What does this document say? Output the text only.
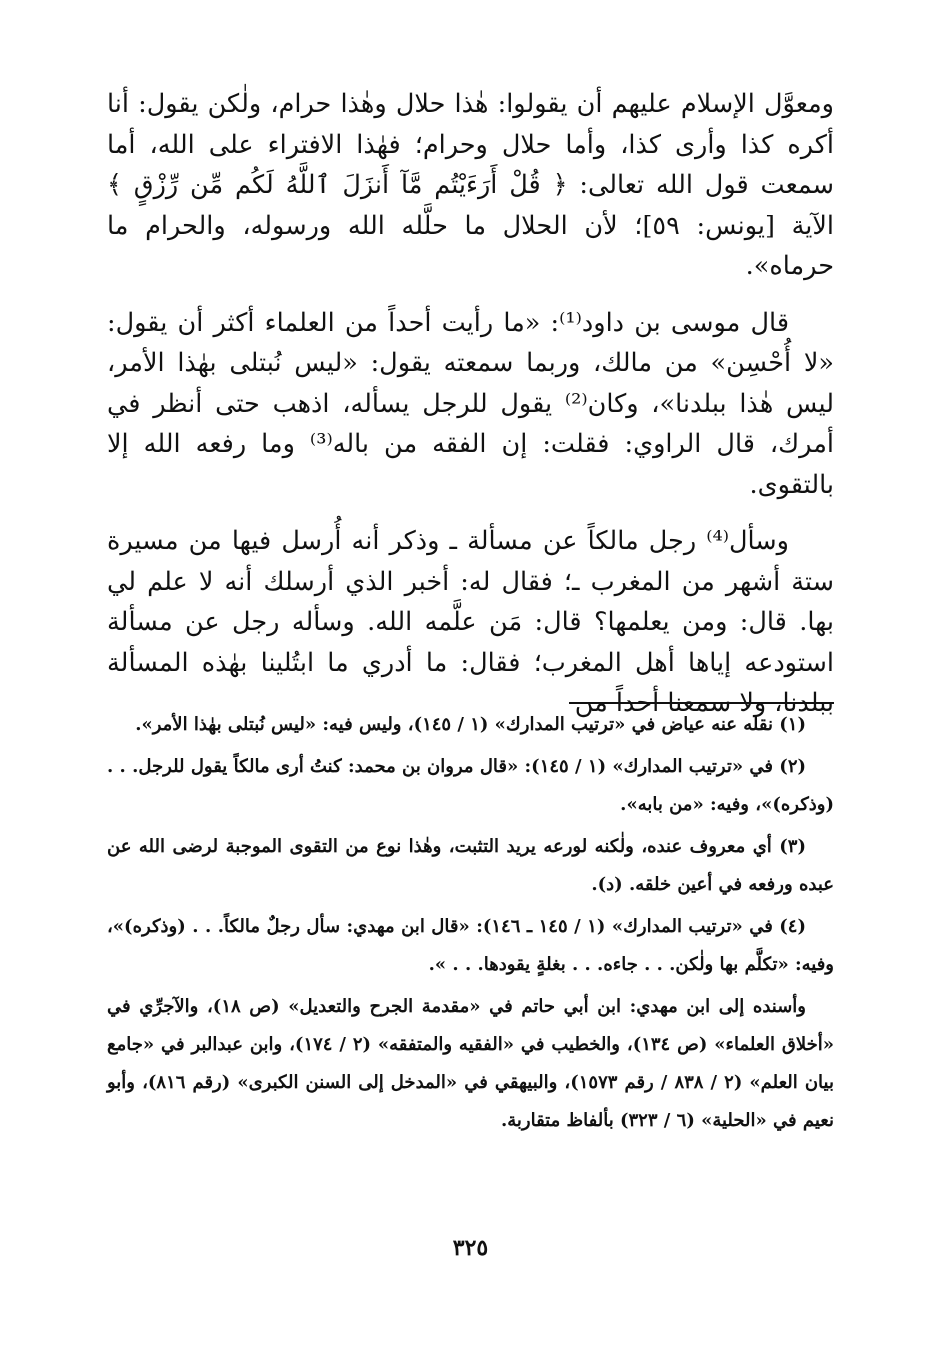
ومعوَّل الإسلام عليهم أن يقولوا: هٰذا حلال وهٰذا حرام، ولٰكن يقول: أنا أكره كذا وأرى كذا، وأما حلال وحرام؛ فهٰذا الافتراء على الله، أما سمعت قول الله تعالى: ﴿ قُلْ أَرَءَيْتُم مَّآ أَنزَلَ ٱللَّهُ لَكُم مِّن رِّزْقٍ ﴾ الآية [يونس: ٥٩]؛ لأن الحلال ما حلَّله الله ورسوله، والحرام ما حرماه».

قال موسى بن داود⁽¹⁾: «ما رأيت أحداً من العلماء أكثر أن يقول: «لا أُحْسِن» من مالك، وربما سمعته يقول: «ليس نُبتلى بهٰذا الأمر، ليس هٰذا ببلدنا»، وكان⁽²⁾ يقول للرجل يسأله، اذهب حتى أنظر في أمرك، قال الراوي: فقلت: إن الفقه من باله⁽³⁾ وما رفعه الله إلا بالتقوى.

وسأل⁽⁴⁾ رجل مالكاً عن مسألة ـ وذكر أنه أُرسل فيها من مسيرة ستة أشهر من المغرب ـ؛ فقال له: أخبر الذي أرسلك أنه لا علم لي بها. قال: ومن يعلمها؟ قال: مَن علَّمه الله. وسأله رجل عن مسألة استودعه إياها أهل المغرب؛ فقال: ما أدري ما ابتُلينا بهٰذه المسألة ببلدنا، ولا سمعنا أحداً من

(١) نقله عنه عياض في «ترتيب المدارك» (١ / ١٤٥)، وليس فيه: «ليس نُبتلى بهٰذا الأمر».

(٢) في «ترتيب المدارك» (١ / ١٤٥): «قال مروان بن محمد: كنتُ أرى مالكاً يقول للرجل. . . (وذكره)»، وفيه: «من بابه».

(٣) أي معروف عنده، ولٰكنه لورعه يريد التثبت، وهٰذا نوع من التقوى الموجبة لرضى الله عن عبده ورفعه في أعين خلقه. (د).

(٤) في «ترتيب المدارك» (١ / ١٤٥ ـ ١٤٦): «قال ابن مهدي: سأل رجلٌ مالكاً. . . (وذكره)»، وفيه: «تكلَّم بها ولٰكن. . . جاءه. . . بغلةٍ يقودها. . . ».

وأسنده إلى ابن مهدي: ابن أبي حاتم في «مقدمة الجرح والتعديل» (ص ١٨)، والآجرِّي في «أخلاق العلماء» (ص ١٣٤)، والخطيب في «الفقيه والمتفقه» (٢ / ١٧٤)، وابن عبدالبر في «جامع بيان العلم» (٢ / ٨٣٨ / رقم ١٥٧٣)، والبيهقي في «المدخل إلى السنن الكبرى» (رقم ٨١٦)، وأبو نعيم في «الحلية» (٦ / ٣٢٣) بألفاظ متقاربة.

٣٢٥
